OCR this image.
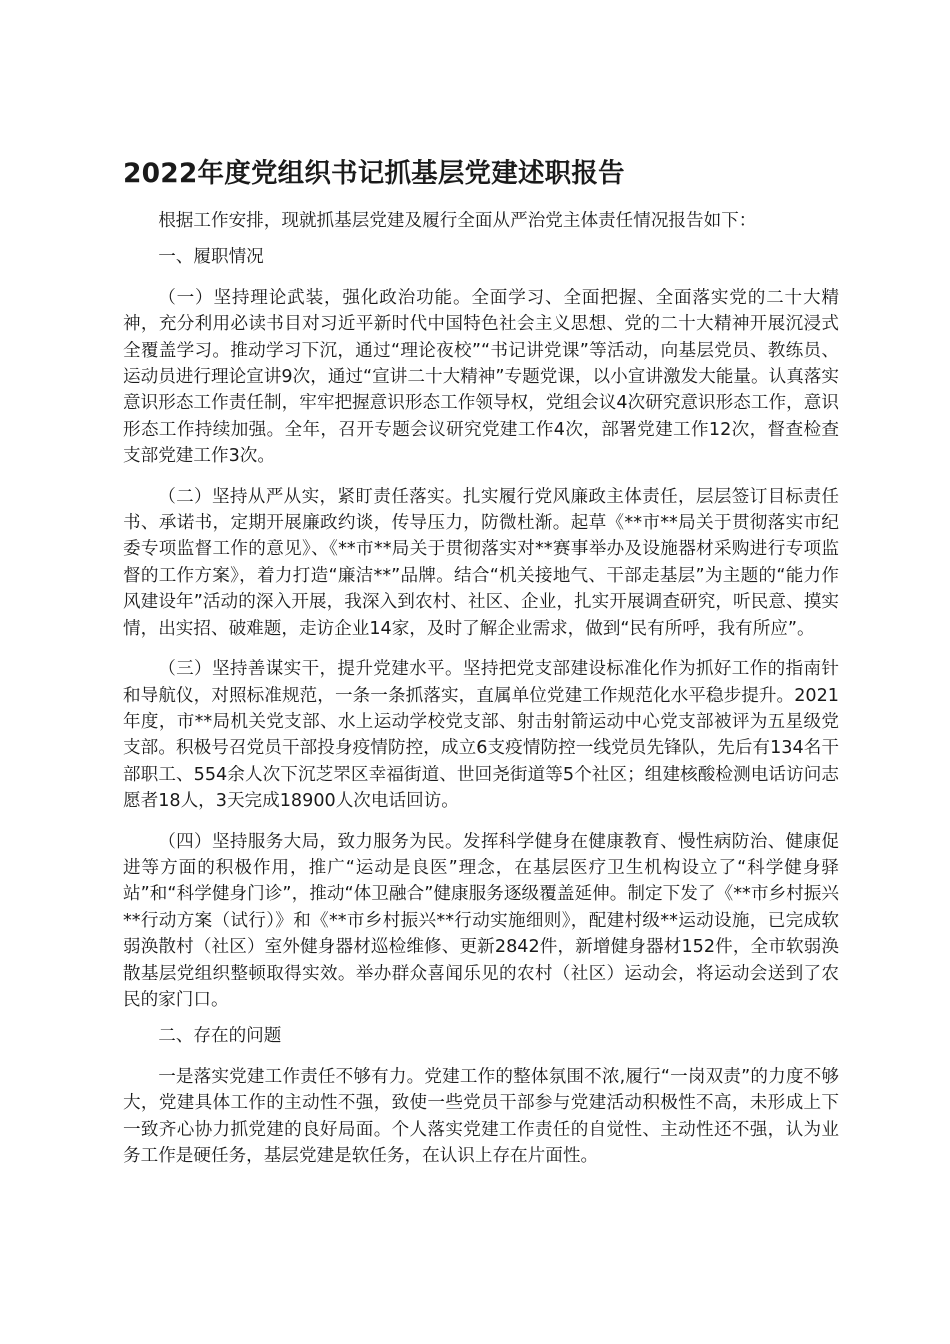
2022年度党组织书记抓基层党建述职报告

根据工作安排，现就抓基层党建及履行全面从严治党主体责任情况报告如下：

一、履职情况

（一）坚持理论武装，强化政治功能。全面学习、全面把握、全面落实党的二十大精神，充分利用必读书目对习近平新时代中国特色社会主义思想、党的二十大精神开展沉浸式全覆盖学习。推动学习下沉，通过“理论夜校”“书记讲党课”等活动，向基层党员、教练员、运动员进行理论宣讲9次，通过“宣讲二十大精神”专题党课，以小宣讲激发大能量。认真落实意识形态工作责任制，牢牢把握意识形态工作领导权，党组会议4次研究意识形态工作，意识形态工作持续加强。全年，召开专题会议研究党建工作4次，部署党建工作12次，督查检查支部党建工作3次。

（二）坚持从严从实，紧盯责任落实。扎实履行党风廉政主体责任，层层签订目标责任书、承诺书，定期开展廉政约谈，传导压力，防微杜渐。起草《**市**局关于贯彻落实市纪委专项监督工作的意见》、《**市**局关于贯彻落实对**赛事举办及设施器材采购进行专项监督的工作方案》，着力打造“廉洁**”品牌。结合“机关接地气、干部走基层”为主题的“能力作风建设年”活动的深入开展，我深入到农村、社区、企业，扎实开展调查研究，听民意、摸实情，出实招、破难题，走访企业14家，及时了解企业需求，做到“民有所呼，我有所应”。

（三）坚持善谋实干，提升党建水平。坚持把党支部建设标准化作为抓好工作的指南针和导航仪，对照标准规范，一条一条抓落实，直属单位党建工作规范化水平稳步提升。2021年度，市**局机关党支部、水上运动学校党支部、射击射箭运动中心党支部被评为五星级党支部。积极号召党员干部投身疫情防控，成立6支疫情防控一线党员先锋队，先后有134名干部职工、554余人次下沉芝罘区幸福街道、世回尧街道等5个社区；组建核酸检测电话访问志愿者18人，3天完成18900人次电话回访。

（四）坚持服务大局，致力服务为民。发挥科学健身在健康教育、慢性病防治、健康促进等方面的积极作用，推广“运动是良医”理念，在基层医疗卫生机构设立了“科学健身驿站”和“科学健身门诊”，推动“体卫融合”健康服务逐级覆盖延伸。制定下发了《**市乡村振兴**行动方案（试行）》和《**市乡村振兴**行动实施细则》，配建村级**运动设施，已完成软弱涣散村（社区）室外健身器材巡检维修、更新2842件，新增健身器材152件，全市软弱涣散基层党组织整顿取得实效。举办群众喜闻乐见的农村（社区）运动会，将运动会送到了农民的家门口。

二、存在的问题

一是落实党建工作责任不够有力。党建工作的整体氛围不浓,履行“一岗双责”的力度不够大，党建具体工作的主动性不强，致使一些党员干部参与党建活动积极性不高，未形成上下一致齐心协力抓党建的良好局面。个人落实党建工作责任的自觉性、主动性还不强，认为业务工作是硬任务，基层党建是软任务，在认识上存在片面性。
